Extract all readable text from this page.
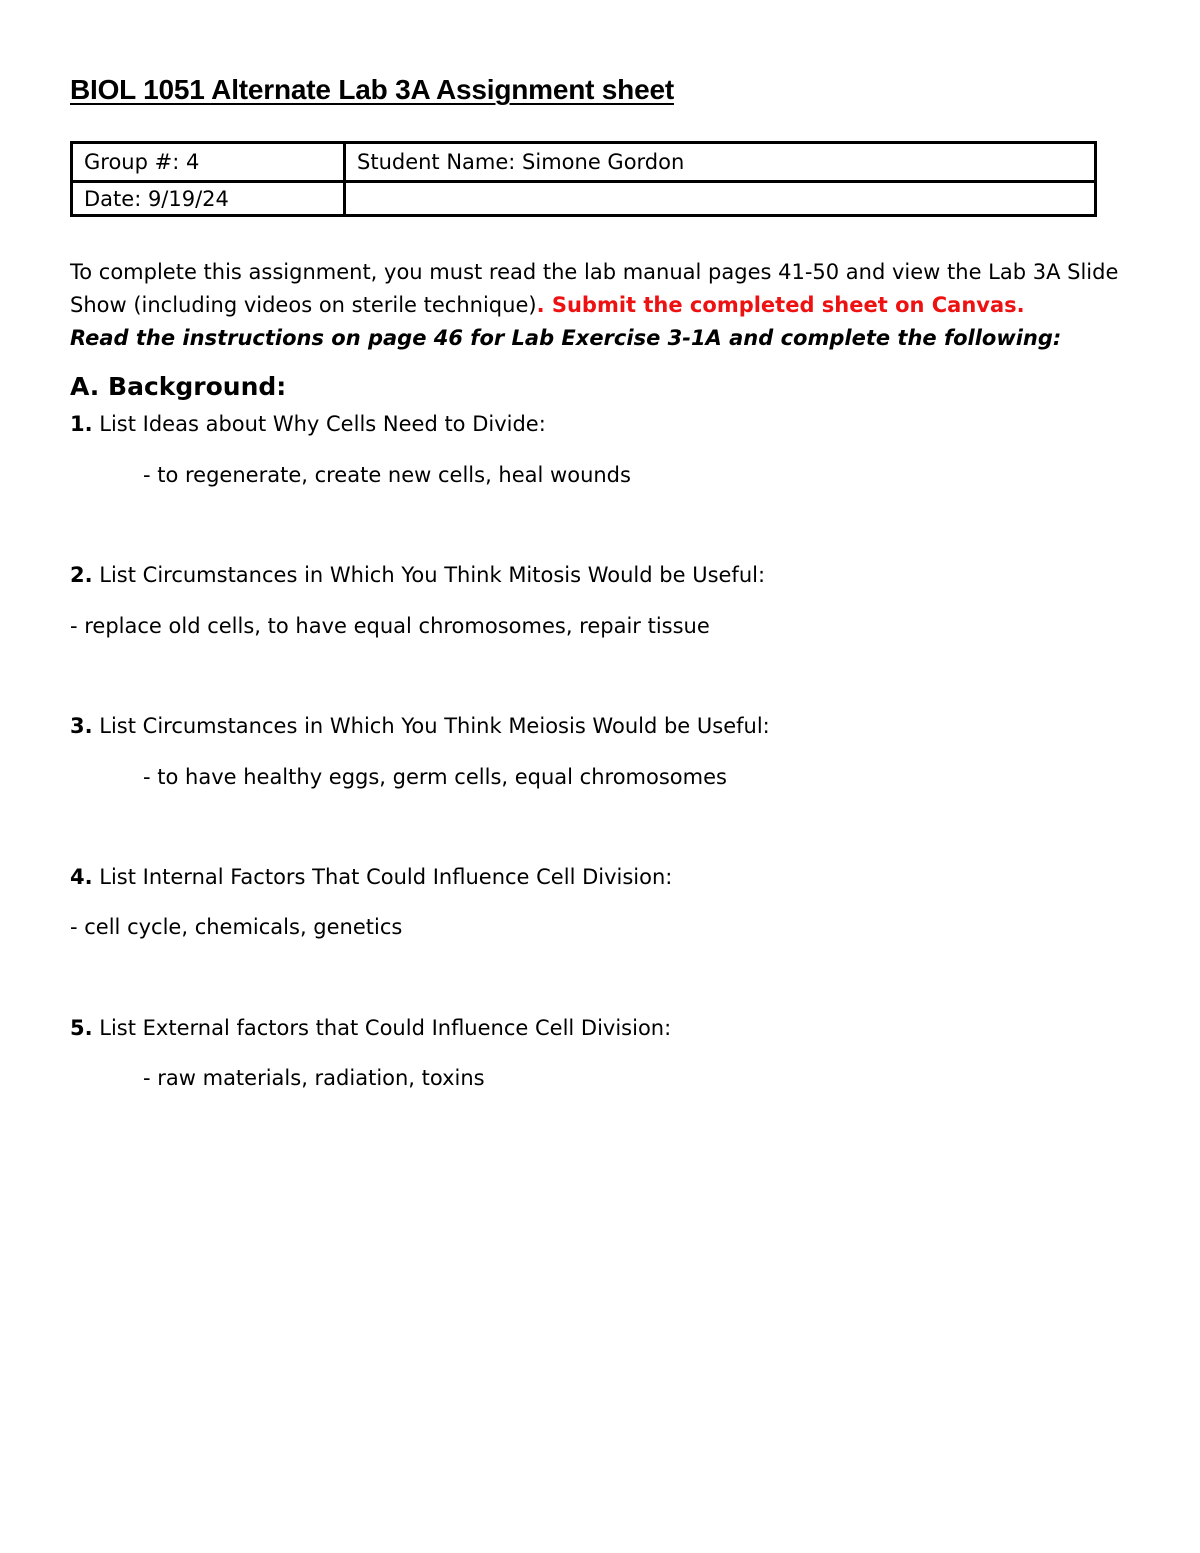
BIOL 1051 Alternate Lab 3A Assignment sheet
Group #: 4	Student Name: Simone Gordon
Date: 9/19/24
To complete this assignment, you must read the lab manual pages 41-50 and view the Lab 3A Slide Show (including videos on sterile technique). Submit the completed sheet on Canvas.
Read the instructions on page 46 for Lab Exercise 3-1A and complete the following:
A. Background:
1. List Ideas about Why Cells Need to Divide:
- to regenerate, create new cells, heal wounds
2. List Circumstances in Which You Think Mitosis Would be Useful:
- replace old cells, to have equal chromosomes, repair tissue
3. List Circumstances in Which You Think Meiosis Would be Useful:
- to have healthy eggs, germ cells, equal chromosomes
4. List Internal Factors That Could Influence Cell Division:
- cell cycle, chemicals, genetics
5. List External factors that Could Influence Cell Division:
- raw materials, radiation, toxins
